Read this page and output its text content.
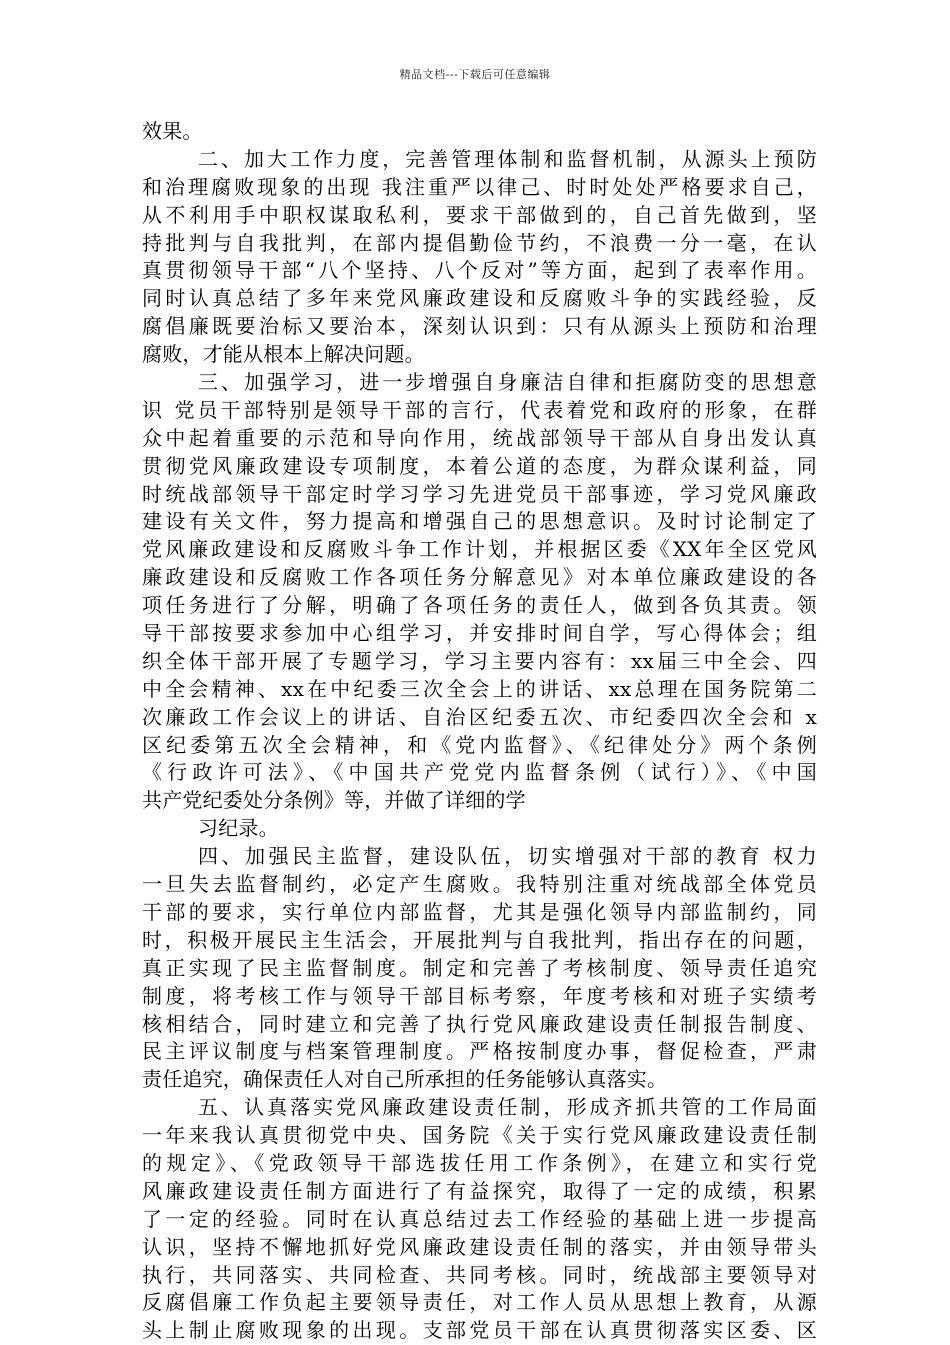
精品文档---下载后可任意编辑
效果。
二、加大工作力度，完善管理体制和监督机制，从源头上预防
和治理腐败现象的出现 我注重严以律己、时时处处严格要求自己，
从不利用手中职权谋取私利，要求干部做到的，自己首先做到，坚
持批判与自我批判，在部内提倡勤俭节约，不浪费一分一毫，在认
真贯彻领导干部“八个坚持、八个反对”等方面，起到了表率作用。
同时认真总结了多年来党风廉政建设和反腐败斗争的实践经验，反
腐倡廉既要治标又要治本，深刻认识到：只有从源头上预防和治理
腐败，才能从根本上解决问题。
三、加强学习，进一步增强自身廉洁自律和拒腐防变的思想意
识 党员干部特别是领导干部的言行，代表着党和政府的形象，在群
众中起着重要的示范和导向作用，统战部领导干部从自身出发认真
贯彻党风廉政建设专项制度，本着公道的态度，为群众谋利益，同
时统战部领导干部定时学习学习先进党员干部事迹，学习党风廉政
建设有关文件，努力提高和增强自己的思想意识。及时讨论制定了
党风廉政建设和反腐败斗争工作计划，并根据区委《XX年全区党风
廉政建设和反腐败工作各项任务分解意见》对本单位廉政建设的各
项任务进行了分解，明确了各项任务的责任人，做到各负其责。领
导干部按要求参加中心组学习，并安排时间自学，写心得体会；组
织全体干部开展了专题学习，学习主要内容有：xx届三中全会、四
中全会精神、xx在中纪委三次全会上的讲话、xx总理在国务院第二
次廉政工作会议上的讲话、自治区纪委五次、市纪委四次全会和 x
区纪委第五次全会精神，和《党内监督》、《纪律处分》两个条例
《行政许可法》、《中国共产党党内监督条例（试行）》、《中国
共产党纪委处分条例》等，并做了详细的学
习纪录。
四、加强民主监督，建设队伍，切实增强对干部的教育 权力
一旦失去监督制约，必定产生腐败。我特别注重对统战部全体党员
干部的要求，实行单位内部监督，尤其是强化领导内部监制约，同
时，积极开展民主生活会，开展批判与自我批判，指出存在的问题，
真正实现了民主监督制度。制定和完善了考核制度、领导责任追究
制度，将考核工作与领导干部目标考察，年度考核和对班子实绩考
核相结合，同时建立和完善了执行党风廉政建设责任制报告制度、
民主评议制度与档案管理制度。严格按制度办事，督促检查，严肃
责任追究，确保责任人对自己所承担的任务能够认真落实。
五、认真落实党风廉政建设责任制，形成齐抓共管的工作局面
一年来我认真贯彻党中央、国务院《关于实行党风廉政建设责任制
的规定》、《党政领导干部选拔任用工作条例》，在建立和实行党
风廉政建设责任制方面进行了有益探究，取得了一定的成绩，积累
了一定的经验。同时在认真总结过去工作经验的基础上进一步提高
认识，坚持不懈地抓好党风廉政建设责任制的落实，并由领导带头
执行，共同落实、共同检查、共同考核。同时，统战部主要领导对
反腐倡廉工作负起主要领导责任，对工作人员从思想上教育，从源
头上制止腐败现象的出现。支部党员干部在认真贯彻落实区委、区
